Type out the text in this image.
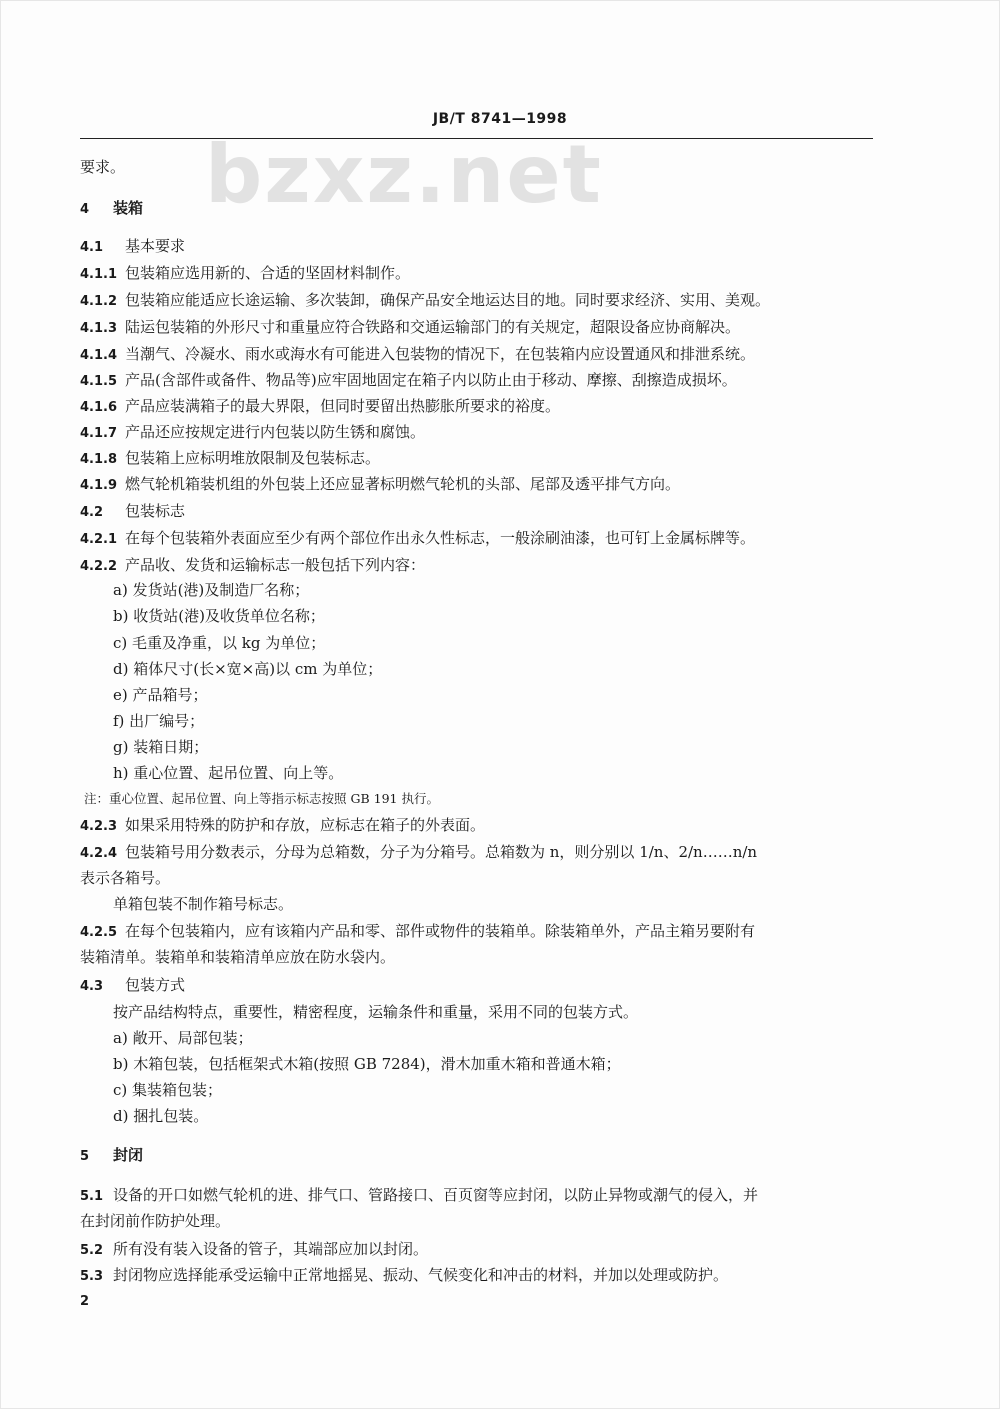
bzxz.net
JB/T 8741—1998
要求。
4 装箱
4.1 基本要求
4.1.1 包装箱应选用新的、合适的坚固材料制作。
4.1.2 包装箱应能适应长途运输、多次装卸，确保产品安全地运达目的地。同时要求经济、实用、美观。
4.1.3 陆运包装箱的外形尺寸和重量应符合铁路和交通运输部门的有关规定，超限设备应协商解决。
4.1.4 当潮气、冷凝水、雨水或海水有可能进入包装物的情况下，在包装箱内应设置通风和排泄系统。
4.1.5 产品(含部件或备件、物品等)应牢固地固定在箱子内以防止由于移动、摩擦、刮擦造成损坏。
4.1.6 产品应装满箱子的最大界限，但同时要留出热膨胀所要求的裕度。
4.1.7 产品还应按规定进行内包装以防生锈和腐蚀。
4.1.8 包装箱上应标明堆放限制及包装标志。
4.1.9 燃气轮机箱装机组的外包装上还应显著标明燃气轮机的头部、尾部及透平排气方向。
4.2 包装标志
4.2.1 在每个包装箱外表面应至少有两个部位作出永久性标志，一般涂刷油漆，也可钉上金属标牌等。
4.2.2 产品收、发货和运输标志一般包括下列内容：
a) 发货站(港)及制造厂名称；
b) 收货站(港)及收货单位名称；
c) 毛重及净重，以 kg 为单位；
d) 箱体尺寸(长×宽×高)以 cm 为单位；
e) 产品箱号；
f) 出厂编号；
g) 装箱日期；
h) 重心位置、起吊位置、向上等。
注：重心位置、起吊位置、向上等指示标志按照 GB 191 执行。
4.2.3 如果采用特殊的防护和存放，应标志在箱子的外表面。
4.2.4 包装箱号用分数表示，分母为总箱数，分子为分箱号。总箱数为 n，则分别以 1/n、2/n……n/n
表示各箱号。
单箱包装不制作箱号标志。
4.2.5 在每个包装箱内，应有该箱内产品和零、部件或物件的装箱单。除装箱单外，产品主箱另要附有
装箱清单。装箱单和装箱清单应放在防水袋内。
4.3 包装方式
按产品结构特点，重要性，精密程度，运输条件和重量，采用不同的包装方式。
a) 敞开、局部包装；
b) 木箱包装，包括框架式木箱(按照 GB 7284)，滑木加重木箱和普通木箱；
c) 集装箱包装；
d) 捆扎包装。
5 封闭
5.1 设备的开口如燃气轮机的进、排气口、管路接口、百页窗等应封闭，以防止异物或潮气的侵入，并
在封闭前作防护处理。
5.2 所有没有装入设备的管子，其端部应加以封闭。
5.3 封闭物应选择能承受运输中正常地摇晃、振动、气候变化和冲击的材料，并加以处理或防护。
2
